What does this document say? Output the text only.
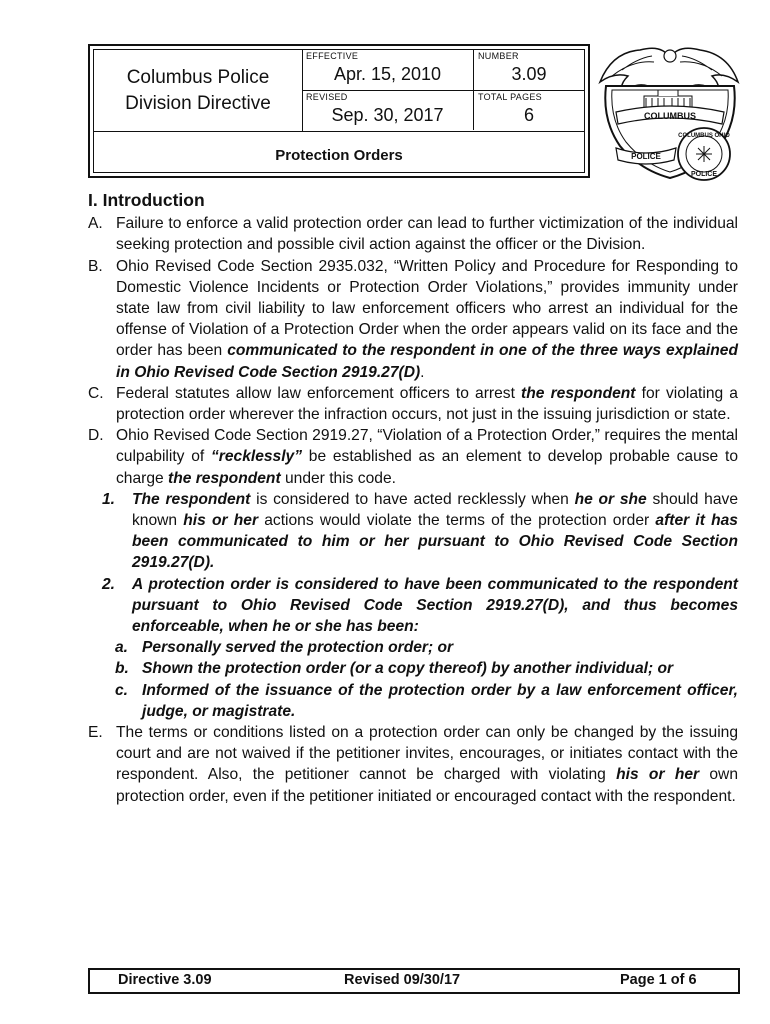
Columbus Police
Division Directive
EFFECTIVE
Apr. 15, 2010
NUMBER
3.09
REVISED
Sep. 30, 2017
TOTAL PAGES
6
Protection Orders
COLUMBUS
POLICE
COLUMBUS OHIO
POLICE
I. Introduction
A. Failure to enforce a valid protection order can lead to further victimization of the individual seeking protection and possible civil action against the officer or the Division.
B. Ohio Revised Code Section 2935.032, “Written Policy and Procedure for Responding to Domestic Violence Incidents or Protection Order Violations,” provides immunity under state law from civil liability to law enforcement officers who arrest an individual for the offense of Violation of a Protection Order when the order appears valid on its face and the order has been communicated to the respondent in one of the three ways explained in Ohio Revised Code Section 2919.27(D).
C. Federal statutes allow law enforcement officers to arrest the respondent for violating a protection order wherever the infraction occurs, not just in the issuing jurisdiction or state.
D. Ohio Revised Code Section 2919.27, “Violation of a Protection Order,” requires the mental culpability of “recklessly” be established as an element to develop probable cause to charge the respondent under this code.
1. The respondent is considered to have acted recklessly when he or she should have known his or her actions would violate the terms of the protection order after it has been communicated to him or her pursuant to Ohio Revised Code Section 2919.27(D).
2. A protection order is considered to have been communicated to the respondent pursuant to Ohio Revised Code Section 2919.27(D), and thus becomes enforceable, when he or she has been:
a. Personally served the protection order; or
b. Shown the protection order (or a copy thereof) by another individual; or
c. Informed of the issuance of the protection order by a law enforcement officer, judge, or magistrate.
E. The terms or conditions listed on a protection order can only be changed by the issuing court and are not waived if the petitioner invites, encourages, or initiates contact with the respondent. Also, the petitioner cannot be charged with violating his or her own protection order, even if the petitioner initiated or encouraged contact with the respondent.
Directive 3.09	Revised 09/30/17	Page 1 of 6
